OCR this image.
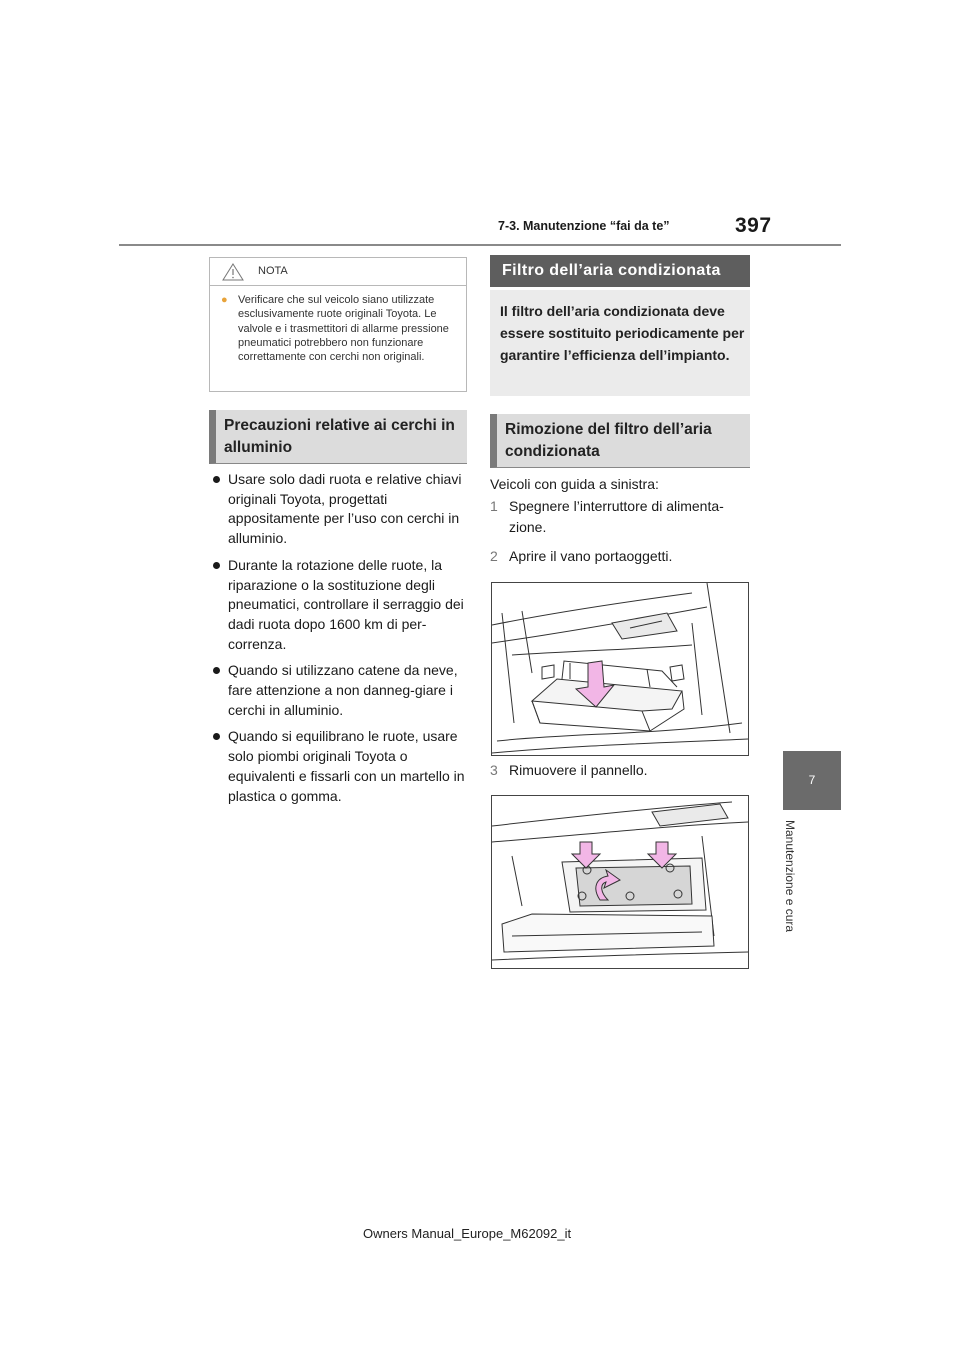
397
7-3. Manutenzione “fai da te”
7
Manutenzione e cura
NOTA
● Verificare che sul veicolo siano utilizzate esclusivamente ruote originali Toyota. Le valvole e i trasmettitori di allarme pressione pneumatici potrebbero non funzionare correttamente con cerchi non originali.
Precauzioni relative ai cerchi in alluminio
Usare solo dadi ruota e relative chiavi originali Toyota, progettati appositamente per l’uso con cerchi in alluminio.
Durante la rotazione delle ruote, la riparazione o la sostituzione degli pneumatici, controllare il serraggio dei dadi ruota dopo 1600 km di per-correnza.
Quando si utilizzano catene da neve, fare attenzione a non danneg-giare i cerchi in alluminio.
Quando si equilibrano le ruote, usare solo piombi originali Toyota o equivalenti e fissarli con un martello in plastica o gomma.
Filtro dell’aria condizionata
Il filtro dell’aria condizionata deve essere sostituito periodicamente per garantire l’efficienza dell’impianto.
Rimozione del filtro dell’aria condizionata
Veicoli con guida a sinistra:
1 Spegnere l’interruttore di alimenta-zione.
2 Aprire il vano portaoggetti.
3 Rimuovere il pannello.
Owners Manual_Europe_M62092_it
